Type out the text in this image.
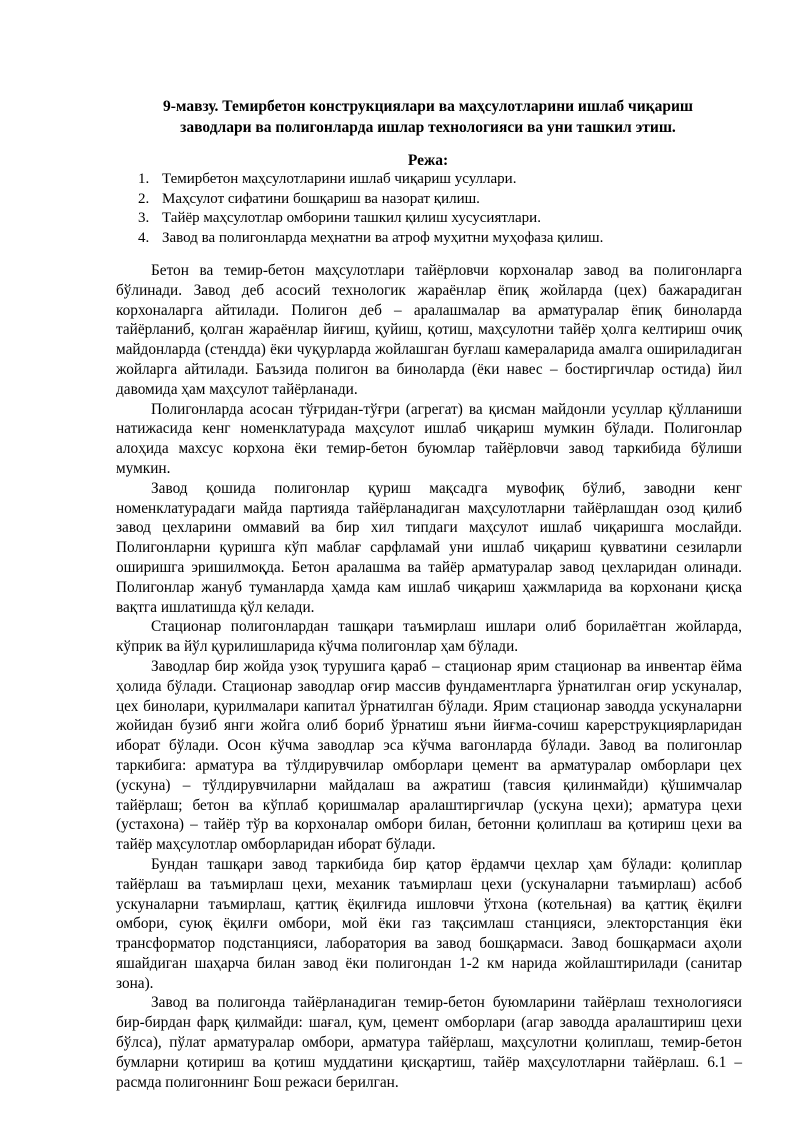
9-мавзу. Темирбетон конструкциялари ва маҳсулотларини ишлаб чиқариш
заводлари ва полигонларда ишлар технологияси ва уни ташкил этиш.
Режа:
1. Темирбетон маҳсулотларини ишлаб чиқариш усуллари.
2. Маҳсулот сифатини бошқариш ва назорат қилиш.
3. Тайёр маҳсулотлар омборини ташкил қилиш хусусиятлари.
4. Завод ва полигонларда меҳнатни ва атроф муҳитни муҳофаза қилиш.

Бетон ва темир-бетон маҳсулотлари тайёрловчи корхоналар завод ва полигонларга бўлинади. Завод деб асосий технологик жараёнлар ёпиқ жойларда (цех) бажарадиган корхоналарга айтилади. Полигон деб – аралашмалар ва арматуралар ёпиқ биноларда тайёрланиб, қолган жараёнлар йиғиш, қуйиш, қотиш, маҳсулотни тайёр ҳолга келтириш очиқ майдонларда (стендда) ёки чуқурларда жойлашган буғлаш камераларида амалга ошириладиган жойларга айтилади. Баъзида полигон ва биноларда (ёки навес – бостиргичлар остида) йил давомида ҳам маҳсулот тайёрланади.

Полигонларда асосан тўғридан-тўғри (агрегат) ва қисман майдонли усуллар қўлланиши натижасида кенг номенклатурада маҳсулот ишлаб чиқариш мумкин бўлади. Полигонлар алоҳида махсус корхона ёки темир-бетон буюмлар тайёрловчи завод таркибида бўлиши мумкин.

Завод қошида полигонлар қуриш мақсадга мувофиқ бўлиб, заводни кенг номенклатурадаги майда партияда тайёрланадиган маҳсулотларни тайёрлашдан озод қилиб завод цехларини оммавий ва бир хил типдаги маҳсулот ишлаб чиқаришга мослайди. Полигонларни қуришга кўп маблағ сарфламай уни ишлаб чиқариш қувватини сезиларли оширишга эришилмоқда. Бетон аралашма ва тайёр арматуралар завод цехларидан олинади. Полигонлар жануб туманларда ҳамда кам ишлаб чиқариш ҳажмларида ва корхонани қисқа вақтга ишлатишда қўл келади.

Стационар полигонлардан ташқари таъмирлаш ишлари олиб борилаётган жойларда, кўприк ва йўл қурилишларида кўчма полигонлар ҳам бўлади.

Заводлар бир жойда узоқ турушига қараб – стационар ярим стационар ва инвентар ёйма ҳолида бўлади. Стационар заводлар оғир массив фундаментларга ўрнатилган оғир ускуналар, цех бинолари, қурилмалари капитал ўрнатилган бўлади. Ярим стационар заводда ускуналарни жойидан бузиб янги жойга олиб бориб ўрнатиш яъни йиғма-сочиш карерструкциярларидан иборат бўлади. Осон кўчма заводлар эса кўчма вагонларда бўлади. Завод ва полигонлар таркибига: арматура ва тўлдирувчилар омборлари цемент ва арматуралар омборлари цех (ускуна) – тўлдирувчиларни майдалаш ва ажратиш (тавсия қилинмайди) қўшимчалар тайёрлаш; бетон ва кўплаб қоришмалар аралаштиргичлар (ускуна цехи); арматура цехи (устахона) – тайёр тўр ва корхоналар омбори билан, бетонни қолиплаш ва қотириш цехи ва тайёр маҳсулотлар омборларидан иборат бўлади.

Бундан ташқари завод таркибида бир қатор ёрдамчи цехлар ҳам бўлади: қолиплар тайёрлаш ва таъмирлаш цехи, механик таъмирлаш цехи (ускуналарни таъмирлаш) асбоб ускуналарни таъмирлаш, қаттиқ ёқилғида ишловчи ўтхона (котельная) ва қаттиқ ёқилғи омбори, суюқ ёқилғи омбори, мой ёки газ тақсимлаш станцияси, электорстанция ёки трансформатор подстанцияси, лаборатория ва завод бошқармаси. Завод бошқармаси аҳоли яшайдиган шаҳарча билан завод ёки полигондан 1-2 км нарида жойлаштирилади (санитар зона).

Завод ва полигонда тайёрланадиган темир-бетон буюмларини тайёрлаш технологияси бир-бирдан фарқ қилмайди: шағал, қум, цемент омборлари (агар заводда аралаштириш цехи бўлса), пўлат арматуралар омбори, арматура тайёрлаш, маҳсулотни қолиплаш, темир-бетон бумларни қотириш ва қотиш муддатини қисқартиш, тайёр маҳсулотларни тайёрлаш. 6.1 – расмда полигоннинг Бош режаси берилган.
